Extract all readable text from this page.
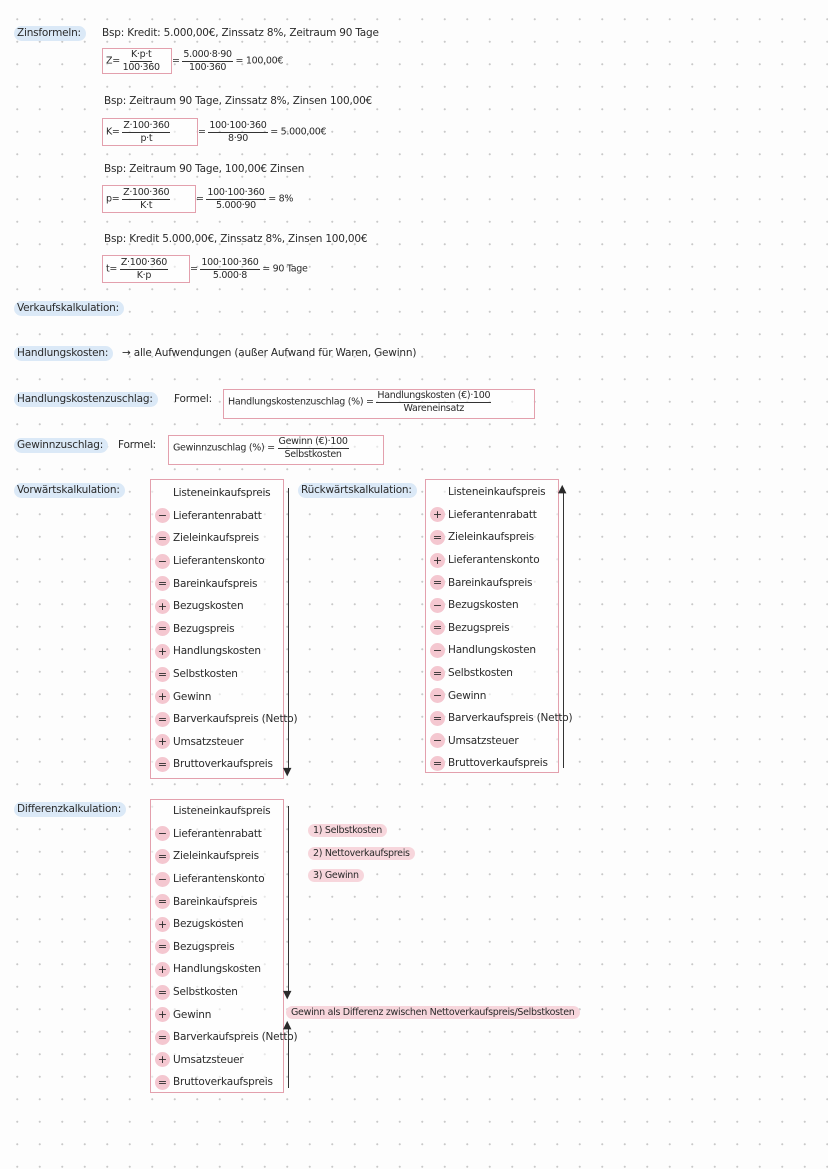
Zinsformeln:	Bsp: Kredit: 5.000,00€, Zinssatz 8%, Zeitraum 90 Tage
$Z= \frac{K\cdot p\cdot t}{100\cdot 360} = \frac{5.000\cdot 8\cdot 90}{100\cdot 360}$ = 100,00€
Bsp: Zeitraum 90 Tage, Zinssatz 8%, Zinsen 100,00€
$K= \frac{Z\cdot 100\cdot 360}{p\cdot t}$	= $\frac{100\cdot 100\cdot 360}{8\cdot 90}$ = 5.000,00€
Bsp: Zeitraum 90 Tage, 100,00€ Zinsen
$p= \frac{Z\cdot 100\cdot 360}{K\cdot t}$	= $\frac{100\cdot 100\cdot 360}{5.000\cdot 90} = 8\%$
Bsp: Kredit 5.000,00€, Zinssatz 8%, Zinsen 100,00€
$t= \frac{Z\cdot 100\cdot 360}{K\cdot p} = \frac{100\cdot 100\cdot 360}{5.000\cdot 8} = 90$ Tage
Verkaufskalkulation:
Handlungskosten:	→ alle Aufwendungen (außer Aufwand für Waren, Gewinn)
Handlungskostenzuschlag:	Formel: Handlungskostenzuschlag (%) = $\frac{\text{Handlungskosten (€)·100}}{\text{Wareneinsatz}}$
Gewinnzuschlag:	Formel: Gewinnzuschlag (%) = $\frac{\text{Gewinn (€)·100}}{\text{Selbstkosten}}$
Vorwärtskalkulation:	Listeneinkaufspreis
− Lieferantenrabatt
= Zieleinkaufspreis
− Lieferantenskonto
= Bareinkaufspreis
+ Bezugskosten
= Bezugspreis
+ Handlungskosten
= Selbstkosten
+ Gewinn
= Barverkaufspreis (Netto)
+ Umsatzsteuer
= Bruttoverkaufspreis
▼
Rückwärtskalkulation:	Listeneinkaufspreis
+ Lieferantenrabatt
= Zieleinkaufspreis
+ Lieferantenskonto
= Bareinkaufspreis
− Bezugskosten
= Bezugspreis
− Handlungskosten
= Selbstkosten
− Gewinn
= Barverkaufspreis (Netto)
− Umsatzsteuer
= Bruttoverkaufspreis
▲
Differenzkalkulation:	Listeneinkaufspreis
− Lieferantenrabatt
= Zieleinkaufspreis
− Lieferantenskonto
= Bareinkaufspreis
+ Bezugskosten
= Bezugspreis
+ Handlungskosten
= Selbstkosten
+ Gewinn
= Barverkaufspreis (Netto)
+ Umsatzsteuer
= Bruttoverkaufspreis
▼
▲
1) Selbstkosten
2) Nettoverkaufspreis
3) Gewinn
Gewinn als Differenz zwischen Nettoverkaufspreis/Selbstkosten
